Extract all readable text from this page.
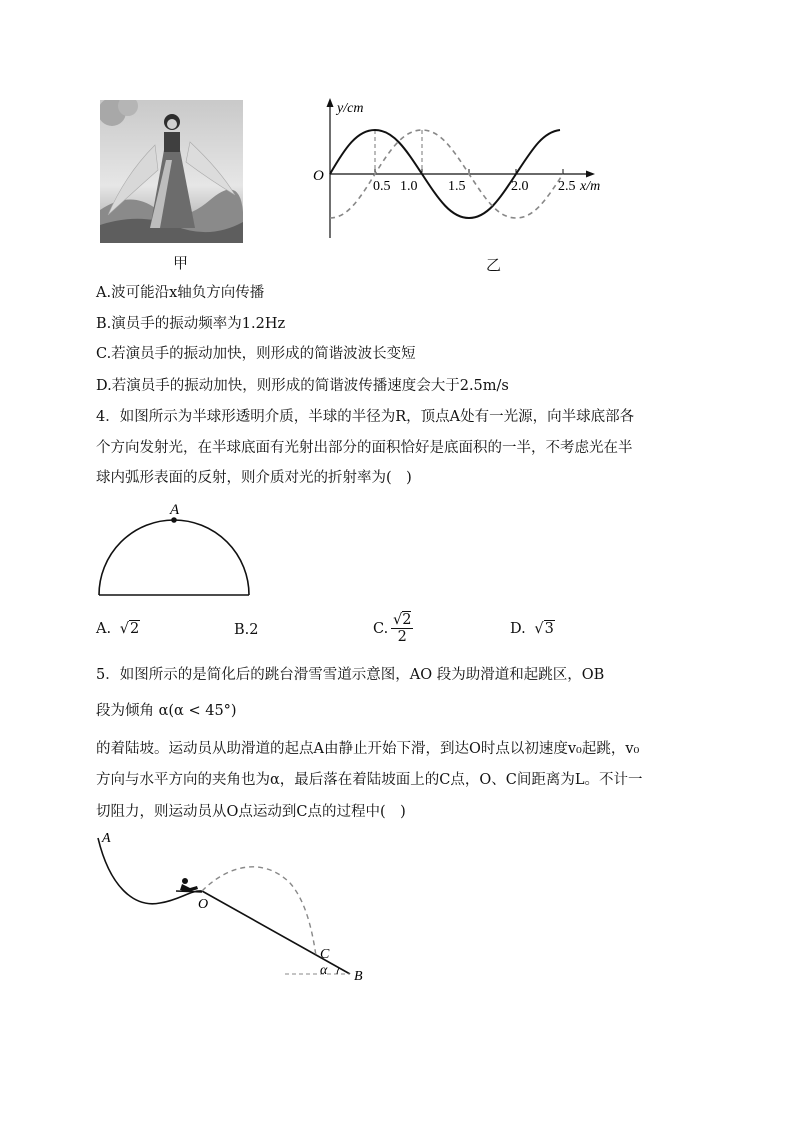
甲
y/cm
x/m
O
0.5 1.0 1.5	2.0 2.5
乙
A.波可能沿x轴负方向传播
B.演员手的振动频率为1.2Hz
C.若演员手的振动加快，则形成的简谐波波长变短
D.若演员手的振动加快，则形成的简谐波传播速度会大于2.5m/s
4．如图所示为半球形透明介质，半球的半径为R，顶点A处有一光源，向半球底部各
个方向发射光，在半球底面有光射出部分的面积恰好是底面积的一半，不考虑光在半
球内弧形表面的反射，则介质对光的折射率为(　)
A
A. √2	B.2	C.
√2
2	D. √3
5．如图所示的是简化后的跳台滑雪雪道示意图，AO 段为助滑道和起跳区，OB
段为倾角 α(α < 45°)
的着陆坡。运动员从助滑道的起点A由静止开始下滑，到达O时点以初速度v₀起跳，v₀
方向与水平方向的夹角也为α，最后落在着陆坡面上的C点，O、C间距离为L。不计一
切阻力，则运动员从O点运动到C点的过程中(　)
A
O
C
B
α
